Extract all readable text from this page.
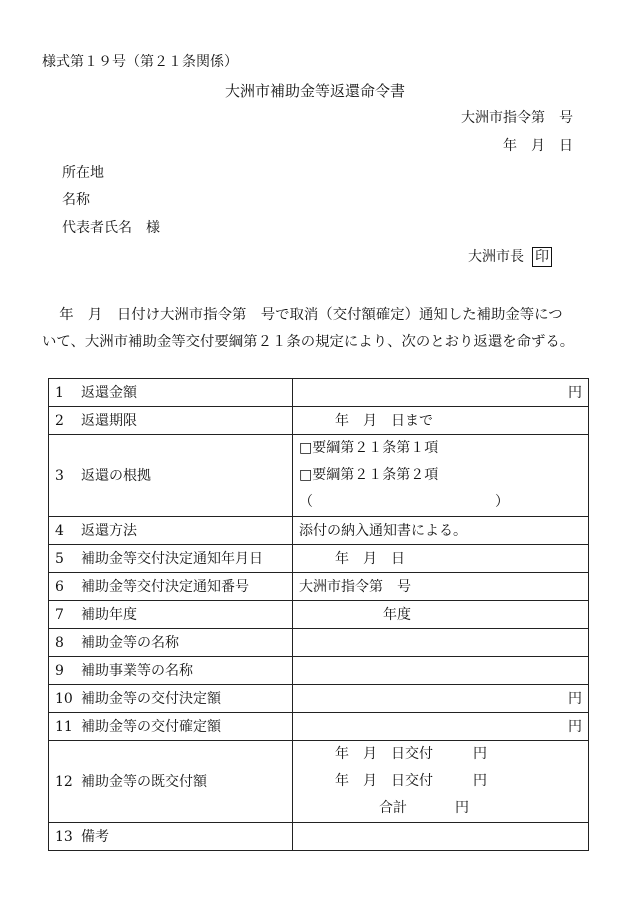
様式第１９号（第２１条関係）
大洲市補助金等返還命令書
大洲市指令第　号
年　月　日
所在地
名称
代表者氏名　様
大洲市長 印

年　月　日付け大洲市指令第　号で取消（交付額確定）通知した補助金等につ

いて、大洲市補助金等交付要綱第２１条の規定により、次のとおり返還を命ずる。

1 返還金額	円
2 返還期限	年　月　日まで
3 返還の根拠	□要綱第２１条第１項
□要綱第２１条第２項
（ ）

4 返還方法	添付の納入通知書による。
5 補助金等交付決定通知年月日	年　月　日
6 補助金等交付決定通知番号	大洲市指令第　号
7 補助年度	年度
8 補助金等の名称	
9 補助事業等の名称	
10 補助金等の交付決定額	円
11 補助金等の交付確定額	円
12 補助金等の既交付額	年　月　日交付 円
年　月　日交付 円
合計 円

13 備考	
